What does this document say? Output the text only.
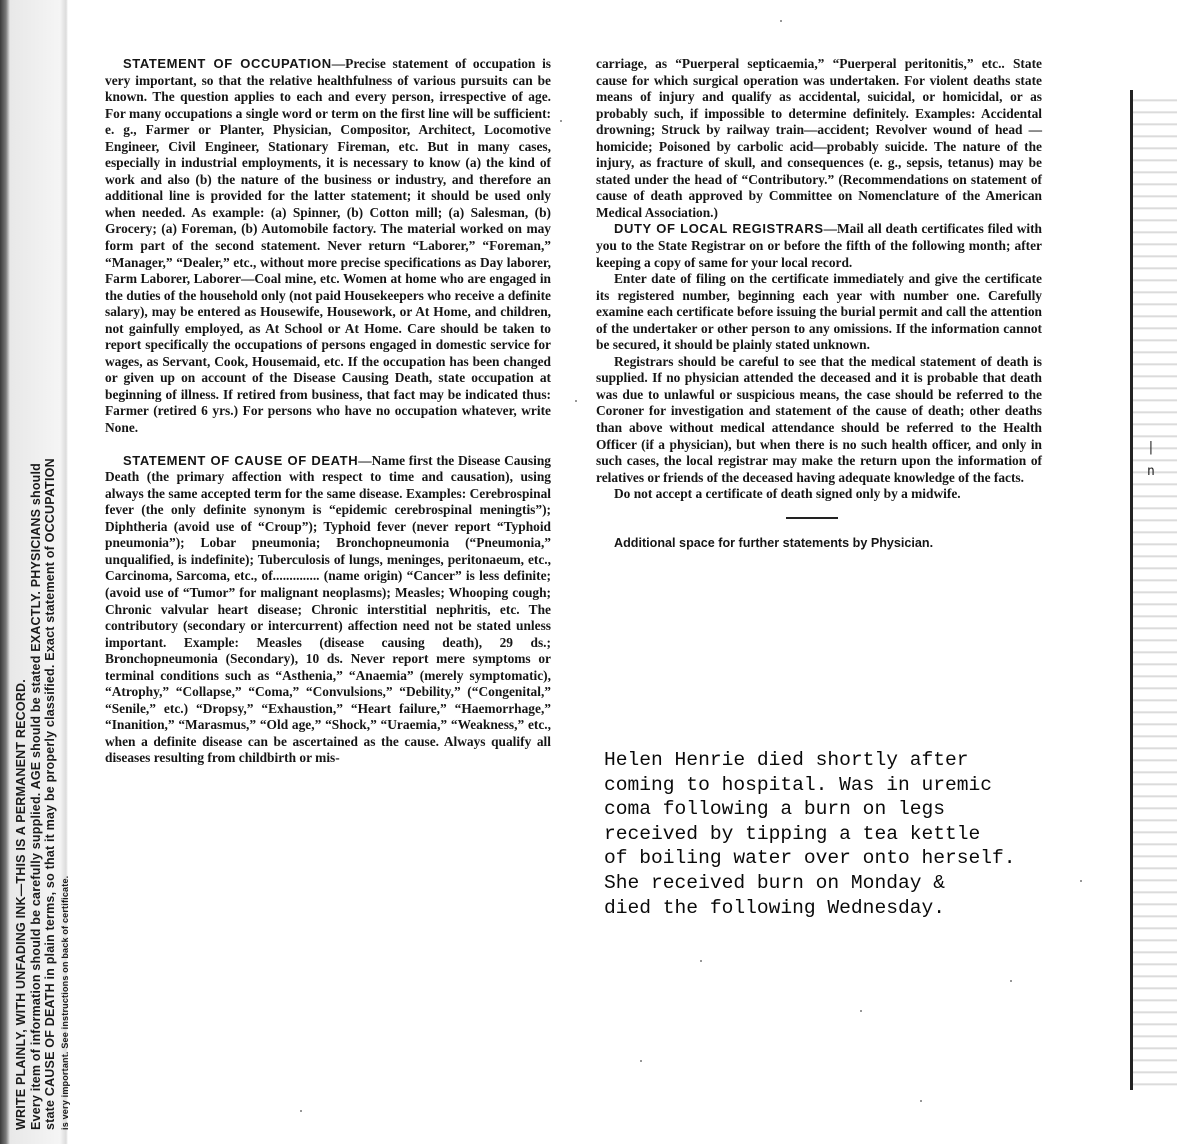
WRITE PLAINLY, WITH UNFADING INK—THIS IS A PERMANENT RECORD. Every item of information should be carefully supplied. AGE should be stated EXACTLY. PHYSICIANS should state CAUSE OF DEATH in plain terms, so that it may be properly classified. Exact statement of OCCUPATION is very important. See instructions on back of certificate.
n
|

STATEMENT OF OCCUPATION—Precise statement of occupation is very important, so that the relative healthfulness of various pursuits can be known. The question applies to each and every person, irrespective of age. For many occupations a single word or term on the first line will be sufficient: e. g., Farmer or Planter, Physician, Compositor, Architect, Locomotive Engineer, Civil Engineer, Stationary Fireman, etc. But in many cases, especially in industrial employments, it is necessary to know (a) the kind of work and also (b) the nature of the business or industry, and therefore an additional line is provided for the latter statement; it should be used only when needed. As example: (a) Spinner, (b) Cotton mill; (a) Salesman, (b) Grocery; (a) Foreman, (b) Automobile factory. The material worked on may form part of the second statement. Never return “Laborer,” “Foreman,” “Manager,” “Dealer,” etc., without more precise specifications as Day laborer, Farm Laborer, Laborer—Coal mine, etc. Women at home who are engaged in the duties of the household only (not paid Housekeepers who receive a definite salary), may be entered as Housewife, Housework, or At Home, and children, not gainfully employed, as At School or At Home. Care should be taken to report specifically the occupations of persons engaged in domestic service for wages, as Servant, Cook, Housemaid, etc. If the occupation has been changed or given up on account of the Disease Causing Death, state occupation at beginning of illness. If retired from business, that fact may be indicated thus: Farmer (retired 6 yrs.) For persons who have no occupation whatever, write None.

STATEMENT OF CAUSE OF DEATH—Name first the Disease Causing Death (the primary affection with respect to time and causation), using always the same accepted term for the same disease. Examples: Cerebrospinal fever (the only definite synonym is “epidemic cerebrospinal meningtis”); Diphtheria (avoid use of “Croup”); Typhoid fever (never report “Typhoid pneumonia”); Lobar pneumonia; Bronchopneumonia (“Pneumonia,” unqualified, is indefinite); Tuberculosis of lungs, meninges, peritonaeum, etc., Carcinoma, Sarcoma, etc., of.............. (name origin) “Cancer” is less definite; (avoid use of “Tumor” for malignant neoplasms); Measles; Whooping cough; Chronic valvular heart disease; Chronic interstitial nephritis, etc. The contributory (secondary or intercurrent) affection need not be stated unless important. Example: Measles (disease causing death), 29 ds.; Bronchopneumonia (Secondary), 10 ds. Never report mere symptoms or terminal conditions such as “Asthenia,” “Anaemia” (merely symptomatic), “Atrophy,” “Collapse,” “Coma,” “Convulsions,” “Debility,” (“Congenital,” “Senile,” etc.) “Dropsy,” “Exhaustion,” “Heart failure,” “Haemorrhage,” “Inanition,” “Marasmus,” “Old age,” “Shock,” “Uraemia,” “Weakness,” etc., when a definite disease can be ascertained as the cause. Always qualify all diseases resulting from childbirth or mis-

carriage, as “Puerperal septicaemia,” “Puerperal peritonitis,” etc.. State cause for which surgical operation was undertaken. For violent deaths state means of injury and qualify as accidental, suicidal, or homicidal, or as probably such, if impossible to determine definitely. Examples: Accidental drowning; Struck by railway train—accident; Revolver wound of head —homicide; Poisoned by carbolic acid—probably suicide. The nature of the injury, as fracture of skull, and consequences (e. g., sepsis, tetanus) may be stated under the head of “Contributory.” (Recommendations on statement of cause of death approved by Committee on Nomenclature of the American Medical Association.)

DUTY OF LOCAL REGISTRARS—Mail all death certificates filed with you to the State Registrar on or before the fifth of the following month; after keeping a copy of same for your local record.

Enter date of filing on the certificate immediately and give the certificate its registered number, beginning each year with number one. Carefully examine each certificate before issuing the burial permit and call the attention of the undertaker or other person to any omissions. If the information cannot be secured, it should be plainly stated unknown.

Registrars should be careful to see that the medical statement of death is supplied. If no physician attended the deceased and it is probable that death was due to unlawful or suspicious means, the case should be referred to the Coroner for investigation and statement of the cause of death; other deaths than above without medical attendance should be referred to the Health Officer (if a physician), but when there is no such health officer, and only in such cases, the local registrar may make the return upon the information of relatives or friends of the deceased having adequate knowledge of the facts.

Do not accept a certificate of death signed only by a midwife.

Additional space for further statements by Physician.

Helen Henrie died shortly after
coming to hospital. Was in uremic
coma following a burn on legs
received by tipping a tea kettle
of boiling water over onto herself.
She received burn on Monday &
died the following Wednesday.
